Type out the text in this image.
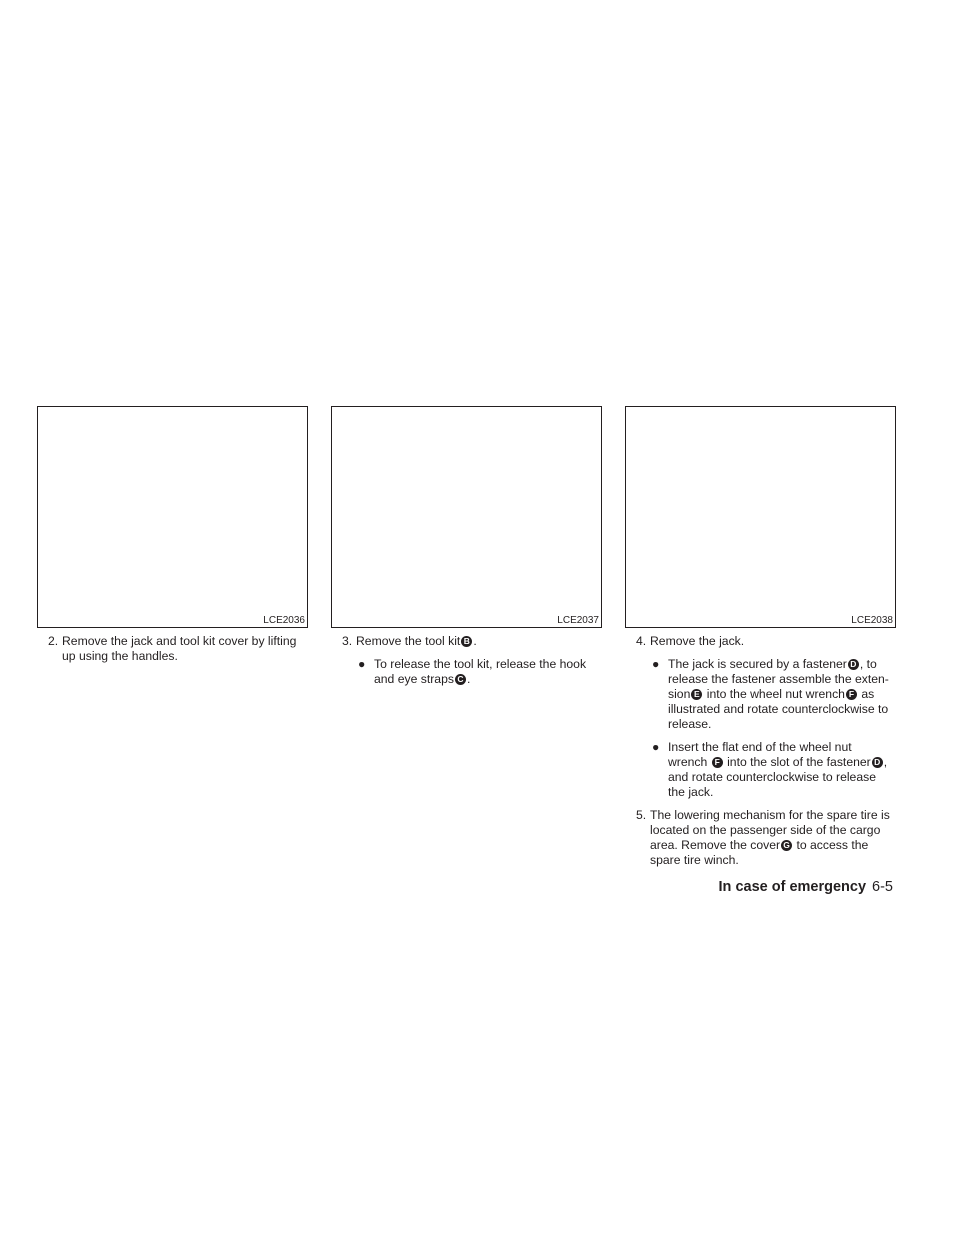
LCE2036	LCE2037	LCE2038
2. Remove the jack and tool kit cover by lifting up using the handles.
3. Remove the tool kit B .
● To release the tool kit, release the hook and eye straps C .
4. Remove the jack.
● The jack is secured by a fastener D , to release the fastener assemble the exten- sion E into the wheel nut wrench F as illustrated and rotate counterclockwise to release.
● Insert the flat end of the wheel nut wrench F into the slot of the fastener D , and rotate counterclockwise to release the jack.
5. The lowering mechanism for the spare tire is located on the passenger side of the cargo area. Remove the cover G to access the spare tire winch.
In case of emergency 6-5
